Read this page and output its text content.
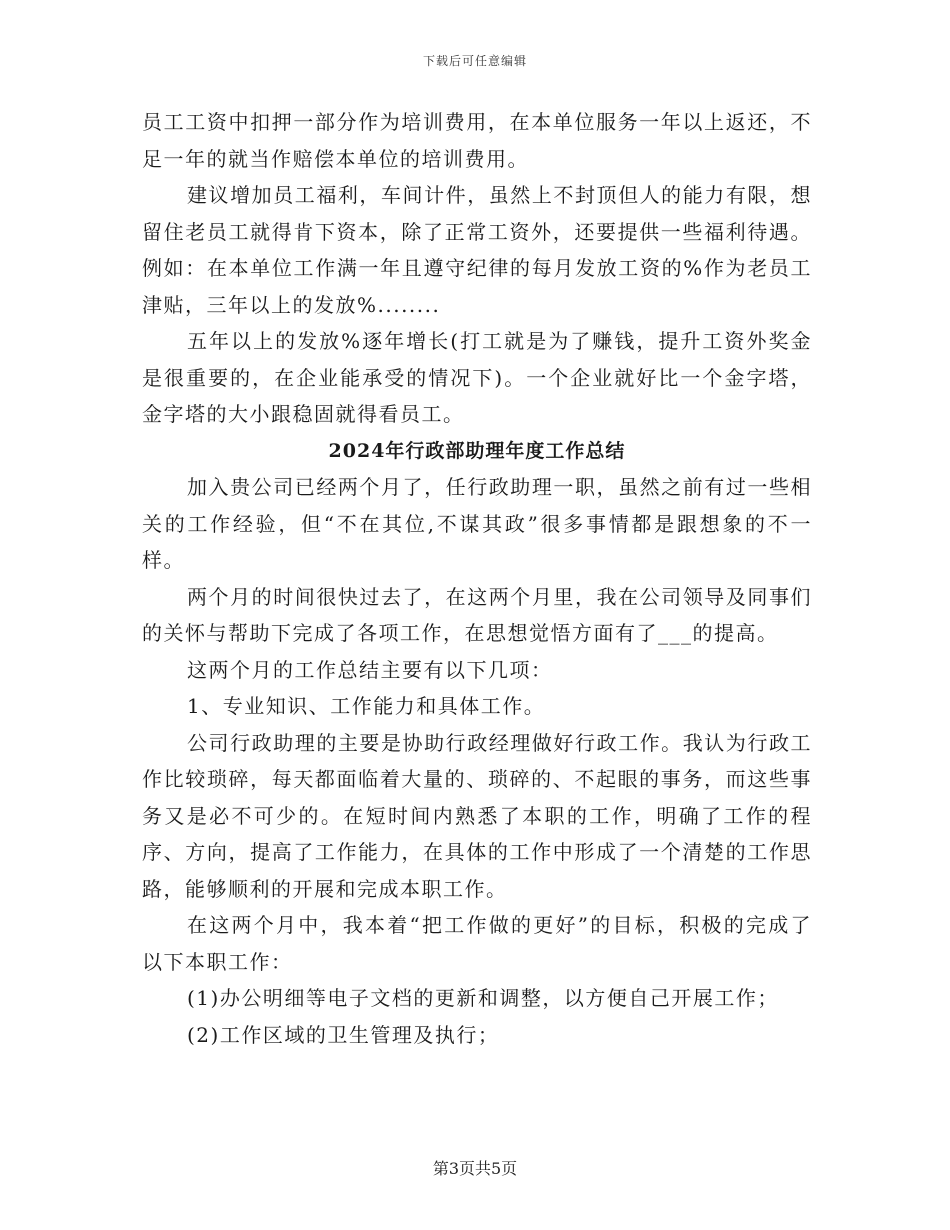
下载后可任意编辑

员工工资中扣押一部分作为培训费用，在本单位服务一年以上返还，不足一年的就当作赔偿本单位的培训费用。

建议增加员工福利，车间计件，虽然上不封顶但人的能力有限，想留住老员工就得肯下资本，除了正常工资外，还要提供一些福利待遇。例如：在本单位工作满一年且遵守纪律的每月发放工资的%作为老员工津贴，三年以上的发放%........

五年以上的发放%逐年增长(打工就是为了赚钱，提升工资外奖金是很重要的，在企业能承受的情况下)。一个企业就好比一个金字塔，金字塔的大小跟稳固就得看员工。

2024年行政部助理年度工作总结

加入贵公司已经两个月了，任行政助理一职，虽然之前有过一些相关的工作经验，但“不在其位,不谋其政”很多事情都是跟想象的不一样。

两个月的时间很快过去了，在这两个月里，我在公司领导及同事们的关怀与帮助下完成了各项工作，在思想觉悟方面有了___的提高。

这两个月的工作总结主要有以下几项：

1、专业知识、工作能力和具体工作。

公司行政助理的主要是协助行政经理做好行政工作。我认为行政工作比较琐碎，每天都面临着大量的、琐碎的、不起眼的事务，而这些事务又是必不可少的。在短时间内熟悉了本职的工作，明确了工作的程序、方向，提高了工作能力，在具体的工作中形成了一个清楚的工作思路，能够顺利的开展和完成本职工作。

在这两个月中，我本着“把工作做的更好”的目标，积极的完成了以下本职工作：

(1)办公明细等电子文档的更新和调整，以方便自己开展工作；

(2)工作区域的卫生管理及执行；

第3页共5页
